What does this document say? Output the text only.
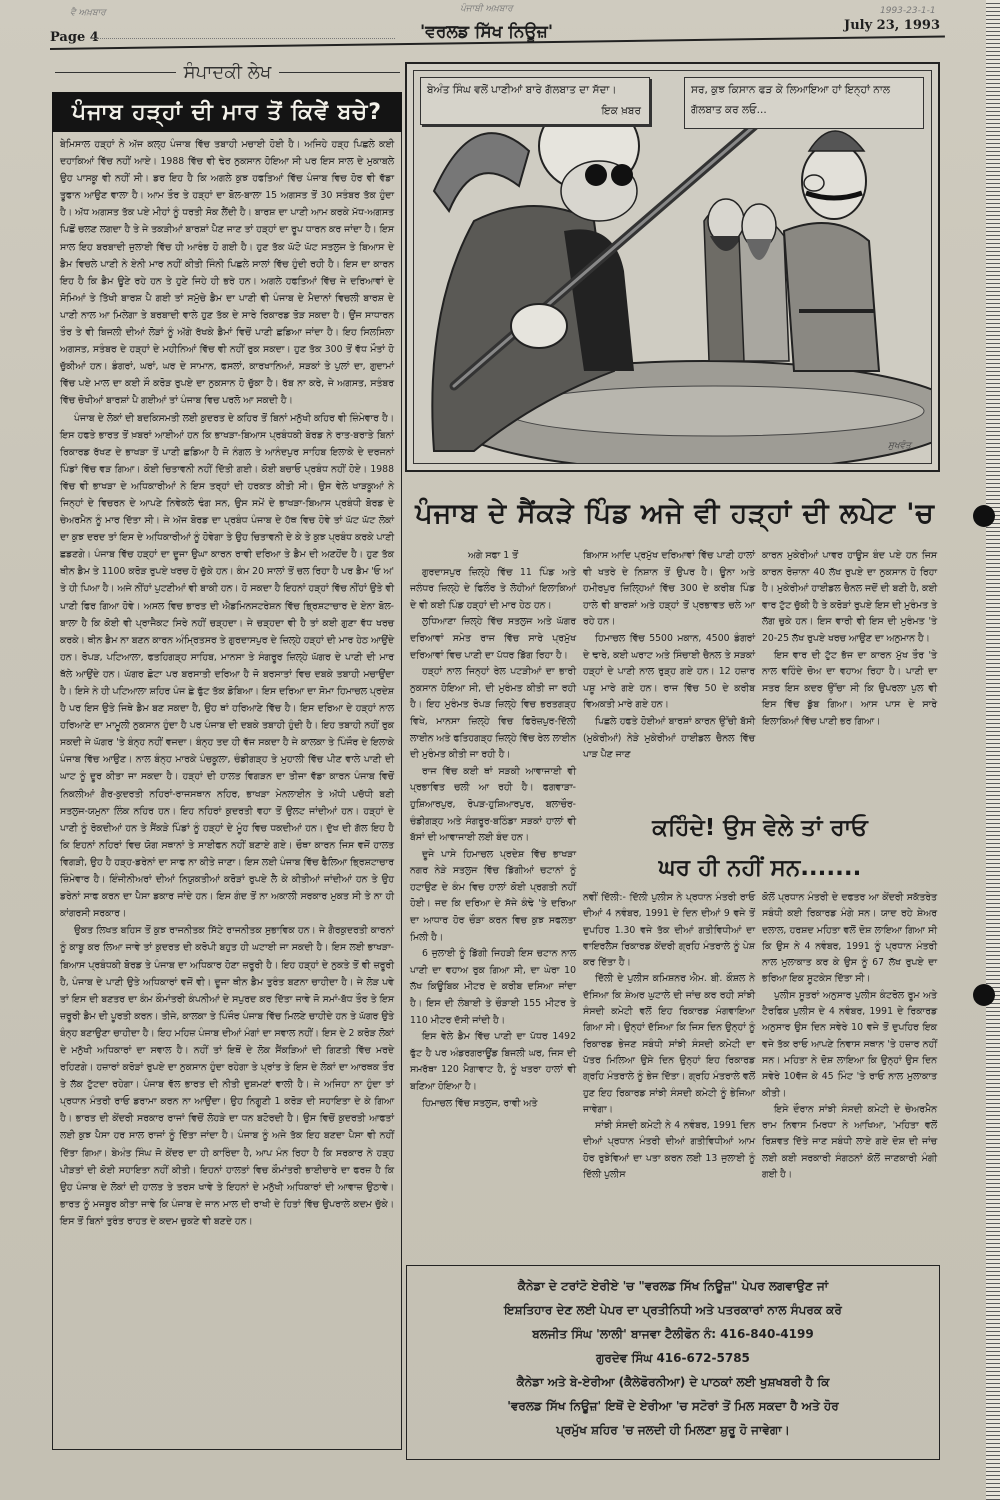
ਵੈ ਅਖ਼ਬਾਰ	ਪੰਜਾਬੀ ਅਖ਼ਬਾਰ	1993-23-1-1
Page 4	'ਵਰਲਡ ਸਿੱਖ ਨਿਊਜ਼'	July 23, 1993
ਸੰਪਾਦਕੀ ਲੇਖ
ਪੰਜਾਬ ਹੜ੍ਹਾਂ ਦੀ ਮਾਰ ਤੋਂ ਕਿਵੇਂ ਬਚੇ?

ਬੇਮਿਸਾਲ ਹੜ੍ਹਾਂ ਨੇ ਅੱਜ ਕਲ੍ਹ ਪੰਜਾਬ ਵਿੱਚ ਤਬਾਹੀ ਮਚਾਈ ਹੋਈ ਹੈ। ਅਜਿਹੇ ਹੜ੍ਹ ਪਿਛਲੇ ਕਈ ਦਹਾਕਿਆਂ ਵਿੱਚ ਨਹੀਂ ਆਏ। 1988 ਵਿੱਚ ਵੀ ਢੇਰ ਨੁਕਸਾਨ ਹੋਇਆ ਸੀ ਪਰ ਇਸ ਸਾਲ ਦੇ ਮੁਕਾਬਲੇ ਉਹ ਪਾਸਕੂ ਵੀ ਨਹੀਂ ਸੀ। ਡਰ ਇਹ ਹੈ ਕਿ ਅਗਲੇ ਕੁਝ ਹਫਤਿਆਂ ਵਿੱਚ ਪੰਜਾਬ ਵਿਚ ਹੋਰ ਵੀ ਵੱਡਾ ਤੂਫਾਨ ਆਉਣ ਵਾਲਾ ਹੈ। ਆਮ ਤੌਰ ਤੇ ਹੜ੍ਹਾਂ ਦਾ ਬੋਲ-ਬਾਲਾ 15 ਅਗਸਤ ਤੋਂ 30 ਸਤੰਬਰ ਤੱਕ ਹੁੰਦਾ ਹੈ। ਅੱਧ ਅਗਸਤ ਤੱਕ ਪਏ ਮੀਹਾਂ ਨੂੰ ਧਰਤੀ ਸੋਕ ਲੈਂਦੀ ਹੈ। ਬਾਰਸ਼ ਦਾ ਪਾਣੀ ਆਮ ਕਰਕੇ ਮੱਧ-ਅਗਸਤ ਪਿਛੋਂ ਚਲਣ ਲਗਦਾ ਹੈ ਤੇ ਜੇ ਤਕੜੀਆਂ ਬਾਰਸ਼ਾਂ ਪੈਣ ਜਾਣ ਤਾਂ ਹੜ੍ਹਾਂ ਦਾ ਰੂਪ ਧਾਰਨ ਕਰ ਜਾਂਦਾ ਹੈ। ਇਸ ਸਾਲ ਇਹ ਬਰਬਾਦੀ ਜੁਲਾਈ ਵਿੱਚ ਹੀ ਆਰੰਭ ਹੋ ਗਈ ਹੈ। ਹੁਣ ਤੱਕ ਘੱਟੋ ਘੱਟ ਸਤਲੁਜ ਤੇ ਬਿਆਸ ਦੇ ਡੈਮ ਵਿਚਲੇ ਪਾਣੀ ਨੇ ਏਨੀ ਮਾਰ ਨਹੀਂ ਕੀਤੀ ਜਿੰਨੀ ਪਿਛਲੇ ਸਾਲਾਂ ਵਿੱਚ ਹੁੰਦੀ ਰਹੀ ਹੈ। ਇਸ ਦਾ ਕਾਰਨ ਇਹ ਹੈ ਕਿ ਡੈਮ ਊਣੇ ਰਹੇ ਹਨ ਤੇ ਹੁਣੇ ਜਿਹੇ ਹੀ ਭਰੇ ਹਨ। ਅਗਲੇ ਹਫਤਿਆਂ ਵਿੱਚ ਜੇ ਦਰਿਆਵਾਂ ਦੇ ਸੋਮਿਆਂ ਤੇ ਤਿੱਖੀ ਬਾਰਸ਼ ਪੈ ਗਈ ਤਾਂ ਸਮੁੱਚੇ ਡੈਮ ਦਾ ਪਾਣੀ ਵੀ ਪੰਜਾਬ ਦੇ ਮੈਦਾਨਾਂ ਵਿਚਲੀ ਬਾਰਸ਼ ਦੇ ਪਾਣੀ ਨਾਲ ਆ ਮਿਲੇਗਾ ਤੇ ਬਰਬਾਦੀ ਵਾਲੇ ਹੁਣ ਤੱਕ ਦੇ ਸਾਰੇ ਰਿਕਾਰਡ ਤੋੜ ਸਕਦਾ ਹੈ। ਉਂਜ ਸਾਧਾਰਨ ਤੌਰ ਤੇ ਵੀ ਬਿਜਲੀ ਦੀਆਂ ਲੋੜਾਂ ਨੂੰ ਅੱਗੇ ਰੱਖਕੇ ਡੈਮਾਂ ਵਿਚੋਂ ਪਾਣੀ ਛਡਿਆ ਜਾਂਦਾ ਹੈ। ਇਹ ਸਿਲਸਿਲਾ ਅਗਸਤ, ਸਤੰਬਰ ਦੇ ਹੜ੍ਹਾਂ ਦੇ ਮਹੀਨਿਆਂ ਵਿੱਚ ਵੀ ਨਹੀਂ ਰੁਕ ਸਕਦਾ। ਹੁਣ ਤੱਕ 300 ਤੋਂ ਵੱਧ ਮੌਤਾਂ ਹੋ ਚੁੱਕੀਆਂ ਹਨ। ਡੰਗਰਾਂ, ਘਰਾਂ, ਘਰ ਦੇ ਸਾਮਾਨ, ਫਸਲਾਂ, ਕਾਰਖਾਨਿਆਂ, ਸੜਕਾਂ ਤੇ ਪੁਲਾਂ ਦਾ, ਗੁਦਾਮਾਂ ਵਿੱਚ ਪਏ ਮਾਲ ਦਾ ਕਈ ਸੌ ਕਰੋੜ ਰੁਪਏ ਦਾ ਨੁਕਸਾਨ ਹੋ ਚੁੱਕਾ ਹੈ। ਰੱਬ ਨਾ ਕਰੇ, ਜੇ ਅਗਸਤ, ਸਤੰਬਰ ਵਿੱਚ ਚੋਖੀਆਂ ਬਾਰਸ਼ਾਂ ਪੈ ਗਈਆਂ ਤਾਂ ਪੰਜਾਬ ਵਿਚ ਪਰਲੋ ਆ ਸਕਦੀ ਹੈ।

ਪੰਜਾਬ ਦੇ ਲੋਕਾਂ ਦੀ ਬਦਕਿਸਮਤੀ ਲਈ ਕੁਦਰਤ ਦੇ ਕਹਿਰ ਤੋਂ ਬਿਨਾਂ ਮਨੁੱਖੀ ਕਹਿਰ ਵੀ ਜ਼ਿੰਮੇਵਾਰ ਹੈ। ਇਸ ਹਫਤੇ ਭਾਰਤ ਤੋਂ ਖ਼ਬਰਾਂ ਆਈਆਂ ਹਨ ਕਿ ਭਾਖੜਾ-ਬਿਆਸ ਪ੍ਰਬੰਧਕੀ ਬੋਰਡ ਨੇ ਰਾਤ-ਬਰਾਤੇ ਬਿਨਾਂ ਰਿਕਾਰਡ ਰੱਖਣ ਦੇ ਭਾਖੜਾ ਤੋਂ ਪਾਣੀ ਛਡਿਆ ਹੈ ਜੋ ਨੰਗਲ ਤੇ ਆਨੰਦਪੁਰ ਸਾਹਿਬ ਇਲਾਕੇ ਦੇ ਦਰਜਨਾਂ ਪਿੰਡਾਂ ਵਿੱਚ ਵੜ ਗਿਆ। ਕੋਈ ਚਿਤਾਵਨੀ ਨਹੀਂ ਦਿੱਤੀ ਗਈ। ਕੋਈ ਬਚਾਓ ਪ੍ਰਬੰਧ ਨਹੀਂ ਹੋਏ। 1988 ਵਿੱਚ ਵੀ ਭਾਖੜਾ ਦੇ ਅਧਿਕਾਰੀਆਂ ਨੇ ਇਸ ਤਰ੍ਹਾਂ ਦੀ ਹਰਕਤ ਕੀਤੀ ਸੀ। ਉਸ ਵੇਲੇ ਖਾੜਕੂਆਂ ਨੇ ਜਿਨ੍ਹਾਂ ਦੇ ਵਿਚਰਨ ਦੇ ਆਪਣੇ ਨਿਵੇਕਲੇ ਢੰਗ ਸਨ, ਉਸ ਸਮੇਂ ਦੇ ਭਾਖੜਾ-ਬਿਆਸ ਪ੍ਰਬੰਧੀ ਬੋਰਡ ਦੇ ਚੇਅਰਮੈਨ ਨੂੰ ਮਾਰ ਦਿੱਤਾ ਸੀ। ਜੇ ਅੱਜ ਬੋਰਡ ਦਾ ਪ੍ਰਬੰਧ ਪੰਜਾਬ ਦੇ ਹੱਥ ਵਿਚ ਹੋਵੇ ਤਾਂ ਘੱਟ ਘੱਟ ਲੋਕਾਂ ਦਾ ਕੁਝ ਦਰਦ ਤਾਂ ਇਸ ਦੇ ਅਧਿਕਾਰੀਆਂ ਨੂੰ ਹੋਵੇਗਾ ਤੇ ਉਹ ਚਿਤਾਵਨੀ ਦੇ ਕੇ ਤੇ ਕੁਝ ਪ੍ਰਬੰਧ ਕਰਕੇ ਪਾਣੀ ਛਡਣਗੇ। ਪੰਜਾਬ ਵਿੱਚ ਹੜ੍ਹਾਂ ਦਾ ਦੂਜਾ ਉਘਾ ਕਾਰਨ ਰਾਵੀ ਦਰਿਆ ਤੇ ਡੈਮ ਦੀ ਅਣਹੋਂਦ ਹੈ। ਹੁਣ ਤੱਕ ਥੀਨ ਡੈਮ ਤੇ 1100 ਕਰੋੜ ਰੁਪਏ ਖਰਚ ਹੋ ਚੁੱਕੇ ਹਨ। ਕੰਮ 20 ਸਾਲਾਂ ਤੋਂ ਚਲ ਰਿਹਾ ਹੈ ਪਰ ਡੈਮ 'ਓ ਅ' ਤੇ ਹੀ ਪਿਆ ਹੈ। ਅਜੇ ਨੀਂਹਾਂ ਪੁਟਣੀਆਂ ਵੀ ਬਾਕੀ ਹਨ। ਹੋ ਸਕਦਾ ਹੈ ਇਹਨਾਂ ਹੜ੍ਹਾਂ ਵਿੱਚ ਨੀਂਹਾਂ ਉਤੇ ਵੀ ਪਾਣੀ ਫਿਰ ਗਿਆ ਹੋਵੇ। ਅਸਲ ਵਿਚ ਭਾਰਤ ਦੀ ਐਡਮਿਨਸਟਰੇਸ਼ਨ ਵਿੱਚ ਭ੍ਰਿਸ਼ਟਾਚਾਰ ਦੇ ਏਨਾ ਬੋਲ-ਬਾਲਾ ਹੈ ਕਿ ਕੋਈ ਵੀ ਪ੍ਰਾਜੈਕਟ ਸਿਰੇ ਨਹੀਂ ਚੜ੍ਹਦਾ। ਜੇ ਚੜ੍ਹਦਾ ਵੀ ਹੈ ਤਾਂ ਕਈ ਗੁਣਾ ਵੱਧ ਖਰਚ ਕਰਕੇ। ਥੀਨ ਡੈਮ ਨਾ ਬਣਨ ਕਾਰਨ ਅੰਮ੍ਰਿਤਸਰ ਤੇ ਗੁਰਦਾਸਪੁਰ ਦੇ ਜ਼ਿਲ੍ਹੇ ਹੜ੍ਹਾਂ ਦੀ ਮਾਰ ਹੇਠ ਆਉਂਦੇ ਹਨ। ਰੋਪੜ, ਪਟਿਆਲਾ, ਫਤਹਿਗੜ੍ਹ ਸਾਹਿਬ, ਮਾਨਸਾ ਤੇ ਸੰਗਰੂਰ ਜ਼ਿਲ੍ਹੇ ਘੱਗਰ ਦੇ ਪਾਣੀ ਦੀ ਮਾਰ ਥੱਲੇ ਆਉਂਦੇ ਹਨ। ਘੱਗਰ ਛੋਟਾ ਪਰ ਬਰਸਾਤੀ ਦਰਿਆ ਹੈ ਜੋ ਬਰਸਾਤਾਂ ਵਿਚ ਦਬਕੇ ਤਬਾਹੀ ਮਚਾਉਂਦਾ ਹੈ। ਇਸੇ ਨੇ ਹੀ ਪਟਿਆਲਾ ਸ਼ਹਿਰ ਪੰਜ ਛੇ ਫੁੱਟ ਤੱਕ ਡੋਬਿਆ। ਇਸ ਦਰਿਆ ਦਾ ਸੋਮਾ ਹਿਮਾਚਲ ਪ੍ਰਦੇਸ਼ ਹੈ ਪਰ ਇਸ ਉਤੇ ਜਿਥੇ ਡੈਮ ਬਣ ਸਕਦਾ ਹੈ, ਉਹ ਥਾਂ ਹਰਿਆਣੇ ਵਿੱਚ ਹੈ। ਇਸ ਦਰਿਆ ਦੇ ਹੜ੍ਹਾਂ ਨਾਲ ਹਰਿਆਣੇ ਦਾ ਮਾਮੂਲੀ ਨੁਕਸਾਨ ਹੁੰਦਾ ਹੈ ਪਰ ਪੰਜਾਬ ਦੀ ਦਬਕੇ ਤਬਾਹੀ ਹੁੰਦੀ ਹੈ। ਇਹ ਤਬਾਹੀ ਨਹੀਂ ਰੁਕ ਸਕਦੀ ਜੇ ਘੱਗਰ 'ਤੇ ਬੰਨ੍ਹ ਨਹੀਂ ਵਜਦਾ। ਬੰਨ੍ਹ ਤਦ ਹੀ ਵੱਜ ਸਕਦਾ ਹੈ ਜੇ ਕਾਲਕਾ ਤੇ ਪਿੰਜੌਰ ਦੇ ਇਲਾਕੇ ਪੰਜਾਬ ਵਿੱਚ ਆਉਣ। ਨਾਲ ਬੰਨ੍ਹ ਮਾਰਕੇ ਪੰਚਕੂਲਾ, ਚੰਡੀਗੜ੍ਹ ਤੇ ਮੁਹਾਲੀ ਵਿੱਚ ਪੀਣ ਵਾਲੇ ਪਾਣੀ ਦੀ ਘਾਟ ਨੂੰ ਦੂਰ ਕੀਤਾ ਜਾ ਸਕਦਾ ਹੈ। ਹੜ੍ਹਾਂ ਦੀ ਹਾਲਤ ਵਿਗੜਨ ਦਾ ਤੀਜਾ ਵੱਡਾ ਕਾਰਨ ਪੰਜਾਬ ਵਿਚੋਂ ਨਿਕਲੀਆਂ ਗੈਰ-ਕੁਦਰਤੀ ਨਹਿਰਾਂ-ਰਾਜਸਥਾਨ ਨਹਿਰ, ਭਾਖੜਾ ਮੇਨਲਾਈਨ ਤੇ ਅੱਧੀ ਪਚੱਧੀ ਬਣੀ ਸਤਲੁਜ-ਯਮੁਨਾ ਲਿੰਕ ਨਹਿਰ ਹਨ। ਇਹ ਨਹਿਰਾਂ ਕੁਦਰਤੀ ਵਹਾ ਤੋਂ ਉਲਟ ਜਾਂਦੀਆਂ ਹਨ। ਹੜ੍ਹਾਂ ਦੇ ਪਾਣੀ ਨੂੰ ਰੋਕਦੀਆਂ ਹਨ ਤੇ ਸੈਂਕੜੇ ਪਿੰਡਾਂ ਨੂੰ ਹੜ੍ਹਾਂ ਦੇ ਮੂੰਹ ਵਿਚ ਧਕਦੀਆਂ ਹਨ। ਦੁੱਖ ਦੀ ਗੱਲ ਇਹ ਹੈ ਕਿ ਇਹਨਾਂ ਨਹਿਰਾਂ ਵਿਚ ਯੋਗ ਸਥਾਨਾਂ ਤੇ ਸਾਈਫਨ ਨਹੀਂ ਬਣਾਏ ਗਏ। ਚੌਥਾ ਕਾਰਨ ਜਿਸ ਵਜੋਂ ਹਾਲਤ ਵਿਗੜੀ, ਉਹ ਹੈ ਹੜ੍ਹ-ਡਰੇਨਾਂ ਦਾ ਸਾਫ ਨਾ ਕੀਤੇ ਜਾਣਾ। ਇਸ ਲਈ ਪੰਜਾਬ ਵਿੱਚ ਫੈਲਿਆ ਭ੍ਰਿਸ਼ਟਾਚਾਰ ਜ਼ਿੰਮੇਵਾਰ ਹੈ। ਇੰਜੀਨੀਅਰਾਂ ਦੀਆਂ ਨਿਯੁਕਤੀਆਂ ਕਰੋੜਾਂ ਰੁਪਏ ਲੈ ਕੇ ਕੀਤੀਆਂ ਜਾਂਦੀਆਂ ਹਨ ਤੇ ਉਹ ਡਰੇਨਾਂ ਸਾਫ ਕਰਨ ਦਾ ਪੈਸਾ ਡਕਾਰ ਜਾਂਦੇ ਹਨ। ਇਸ ਗੰਦ ਤੋਂ ਨਾ ਅਕਾਲੀ ਸਰਕਾਰ ਮੁਕਤ ਸੀ ਤੇ ਨਾ ਹੀ ਕਾਂਗਰਸੀ ਸਰਕਾਰ।

ਉਕਤ ਲਿਖਤ ਬਹਿਸ ਤੋਂ ਕੁਝ ਰਾਜਨੀਤਕ ਸਿੱਟੇ ਰਾਜਨੀਤਕ ਸੁਭਾਵਿਕ ਹਨ। ਜੇ ਗੈਰਕੁਦਰਤੀ ਕਾਰਨਾਂ ਨੂੰ ਕਾਬੂ ਕਰ ਲਿਆ ਜਾਵੇ ਤਾਂ ਕੁਦਰਤ ਦੀ ਕਰੋਪੀ ਬਹੁਤ ਹੀ ਘਟਾਈ ਜਾ ਸਕਦੀ ਹੈ। ਇਸ ਲਈ ਭਾਖੜਾ-ਬਿਆਸ ਪ੍ਰਬੰਧਕੀ ਬੋਰਡ ਤੇ ਪੰਜਾਬ ਦਾ ਅਧਿਕਾਰ ਹੋਣਾ ਜ਼ਰੂਰੀ ਹੈ। ਇਹ ਹੜ੍ਹਾਂ ਦੇ ਨੁਕਤੇ ਤੋਂ ਵੀ ਜ਼ਰੂਰੀ ਹੈ, ਪੰਜਾਬ ਦੇ ਪਾਣੀ ਉਤੇ ਅਧਿਕਾਰਾਂ ਵਜੋਂ ਵੀ। ਦੂਜਾ ਥੀਨ ਡੈਮ ਤੁਰੰਤ ਬਣਨਾ ਚਾਹੀਦਾ ਹੈ। ਜੇ ਲੋੜ ਪਵੇ ਤਾਂ ਇਸ ਦੀ ਬਣਤਰ ਦਾ ਕੰਮ ਕੌਮਾਂਤਰੀ ਕੰਪਨੀਆਂ ਦੇ ਸਪੁਰਦ ਕਰ ਦਿੱਤਾ ਜਾਵੇ ਜੋ ਸਮਾਂ-ਬੱਧ ਤੌਰ ਤੇ ਇਸ ਜ਼ਰੂਰੀ ਡੈਮ ਦੀ ਪੂਰਤੀ ਕਰਨ। ਤੀਜੇ, ਕਾਲਕਾ ਤੇ ਪਿੰਜੌਰ ਪੰਜਾਬ ਵਿੱਚ ਮਿਲਣੇ ਚਾਹੀਦੇ ਹਨ ਤੇ ਘੱਗਰ ਉਤੇ ਬੰਨ੍ਹ ਬਣਾਉਣਾ ਚਾਹੀਦਾ ਹੈ। ਇਹ ਮਹਿਜ਼ ਪੰਜਾਬ ਦੀਆਂ ਮੰਗਾਂ ਦਾ ਸਵਾਲ ਨਹੀਂ। ਇਸ ਦੇ 2 ਕਰੋੜ ਲੋਕਾਂ ਦੇ ਮਨੁੱਖੀ ਅਧਿਕਾਰਾਂ ਦਾ ਸਵਾਲ ਹੈ। ਨਹੀਂ ਤਾਂ ਇਥੋਂ ਦੇ ਲੋਕ ਸੈਂਕੜਿਆਂ ਦੀ ਗਿਣਤੀ ਵਿੱਚ ਮਰਦੇ ਰਹਿਣਗੇ। ਹਜ਼ਾਰਾਂ ਕਰੋੜਾਂ ਰੁਪਏ ਦਾ ਨੁਕਸਾਨ ਹੁੰਦਾ ਰਹੇਗਾ ਤੇ ਪ੍ਰਾਂਤ ਤੇ ਇਸ ਦੇ ਲੋਕਾਂ ਦਾ ਆਰਥਕ ਤੌਰ ਤੇ ਲੱਕ ਟੁੱਟਦਾ ਰਹੇਗਾ। ਪੰਜਾਬ ਵੱਲ ਭਾਰਤ ਦੀ ਨੀਤੀ ਦੁਸ਼ਮਣਾਂ ਵਾਲੀ ਹੈ। ਜੇ ਅਜਿਹਾ ਨਾ ਹੁੰਦਾ ਤਾਂ ਪ੍ਰਧਾਨ ਮੰਤਰੀ ਰਾਓ ਡਰਾਮਾ ਕਰਨ ਨਾ ਆਉਂਦਾ। ਉਹ ਨਿਗੂਣੀ 1 ਕਰੋੜ ਦੀ ਸਹਾਇਤਾ ਦੇ ਕੇ ਗਿਆ ਹੈ। ਭਾਰਤ ਦੀ ਕੇਂਦਰੀ ਸਰਕਾਰ ਰਾਜਾਂ ਵਿਚੋਂ ਲੋਹੜੇ ਦਾ ਧਨ ਬਟੋਰਦੀ ਹੈ। ਉਸ ਵਿਚੋਂ ਕੁਦਰਤੀ ਆਫਤਾਂ ਲਈ ਕੁਝ ਪੈਸਾ ਹਰ ਸਾਲ ਰਾਜਾਂ ਨੂੰ ਦਿੱਤਾ ਜਾਂਦਾ ਹੈ। ਪੰਜਾਬ ਨੂੰ ਅਜੇ ਤੱਕ ਇਹ ਬਣਦਾ ਪੈਸਾ ਵੀ ਨਹੀਂ ਦਿੱਤਾ ਗਿਆ। ਬੇਅੰਤ ਸਿੰਘ ਜੋ ਕੇਂਦਰ ਦਾ ਹੀ ਕਾਰਿੰਦਾ ਹੈ, ਆਪ ਮੰਨ ਰਿਹਾ ਹੈ ਕਿ ਸਰਕਾਰ ਨੇ ਹੜ੍ਹ ਪੀੜਤਾਂ ਦੀ ਕੋਈ ਸਹਾਇਤਾ ਨਹੀਂ ਕੀਤੀ। ਇਹਨਾਂ ਹਾਲਤਾਂ ਵਿਚ ਕੌਮਾਂਤਰੀ ਭਾਈਚਾਰੇ ਦਾ ਫਰਜ਼ ਹੈ ਕਿ ਉਹ ਪੰਜਾਬ ਦੇ ਲੋਕਾਂ ਦੀ ਹਾਲਤ ਤੇ ਤਰਸ ਖਾਵੇ ਤੇ ਇਹਨਾਂ ਦੇ ਮਨੁੱਖੀ ਅਧਿਕਾਰਾਂ ਦੀ ਆਵਾਜ਼ ਉਠਾਵੇ। ਭਾਰਤ ਨੂੰ ਮਜਬੂਰ ਕੀਤਾ ਜਾਵੇ ਕਿ ਪੰਜਾਬ ਦੇ ਜਾਨ ਮਾਲ ਦੀ ਰਾਖੀ ਦੇ ਹਿਤਾਂ ਵਿੱਚ ਉਪਰਾਲੇ ਕਦਮ ਚੁੱਕੇ। ਇਸ ਤੋਂ ਬਿਨਾਂ ਤੁਰੰਤ ਰਾਹਤ ਦੇ ਕਦਮ ਚੁਕਣੇ ਵੀ ਬਣਦੇ ਹਨ।

ਬੇਅੰਤ ਸਿੰਘ ਵਲੋਂ ਪਾਣੀਆਂ ਬਾਰੇ ਗੱਲਬਾਤ ਦਾ ਸੱਦਾ।
ਇਕ ਖ਼ਬਰ
ਸਰ, ਕੁਝ ਕਿਸਾਨ ਫੜ ਕੇ ਲਿਆਇਆ ਹਾਂ ਇਨ੍ਹਾਂ ਨਾਲ ਗੱਲਬਾਤ ਕਰ ਲਓ...
ਸੁਖਵੰਤ
ਪੰਜਾਬ ਦੇ ਸੈਂਕੜੇ ਪਿੰਡ ਅਜੇ ਵੀ ਹੜ੍ਹਾਂ ਦੀ ਲਪੇਟ 'ਚ

ਅਗੇ ਸਫਾ 1 ਤੋਂ

ਗੁਰਦਾਸਪੁਰ ਜ਼ਿਲ੍ਹੇ ਵਿੱਚ 11 ਪਿੰਡ ਅਤੇ ਜਲੰਧਰ ਜ਼ਿਲ੍ਹੇ ਦੇ ਫਿਲੌਰ ਤੇ ਲੋਹੀਆਂ ਇਲਾਕਿਆਂ ਦੇ ਵੀ ਕਈ ਪਿੰਡ ਹੜ੍ਹਾਂ ਦੀ ਮਾਰ ਹੇਠ ਹਨ।

ਲੁਧਿਆਣਾ ਜ਼ਿਲ੍ਹੇ ਵਿੱਚ ਸਤਲੁਜ ਅਤੇ ਘੱਗਰ ਦਰਿਆਵਾਂ ਸਮੇਤ ਰਾਜ ਵਿੱਚ ਸਾਰੇ ਪ੍ਰਮੁੱਖ ਦਰਿਆਵਾਂ ਵਿਚ ਪਾਣੀ ਦਾ ਪੱਧਰ ਡਿੱਗ ਰਿਹਾ ਹੈ।

ਹੜ੍ਹਾਂ ਨਾਲ ਜਿਨ੍ਹਾਂ ਰੇਲ ਪਟੜੀਆਂ ਦਾ ਭਾਰੀ ਨੁਕਸਾਨ ਹੋਇਆ ਸੀ, ਦੀ ਮੁਰੰਮਤ ਕੀਤੀ ਜਾ ਰਹੀ ਹੈ। ਇਹ ਮੁਰੰਮਤ ਰੋਪੜ ਜ਼ਿਲ੍ਹੇ ਵਿਚ ਭਰਤਗੜ੍ਹ ਵਿਖੇ, ਮਾਨਸਾ ਜ਼ਿਲ੍ਹੇ ਵਿਚ ਫਿਰੋਜ਼ਪੁਰ-ਦਿੱਲੀ ਲਾਈਨ ਅਤੇ ਫਤਿਹਗੜ੍ਹ ਜ਼ਿਲ੍ਹੇ ਵਿੱਚ ਰੇਲ ਲਾਈਨ ਦੀ ਮੁਰੰਮਤ ਕੀਤੀ ਜਾ ਰਹੀ ਹੈ।

ਰਾਜ ਵਿੱਚ ਕਈ ਥਾਂ ਸੜਕੀ ਆਵਾਜਾਈ ਵੀ ਪ੍ਰਭਾਵਿਤ ਚਲੀ ਆ ਰਹੀ ਹੈ। ਫਗਵਾੜਾ-ਹੁਸ਼ਿਆਰਪੁਰ, ਰੋਪੜ-ਹੁਸ਼ਿਆਰਪੁਰ, ਬਲਾਚੌਰ-ਚੰਡੀਗੜ੍ਹ ਅਤੇ ਸੰਗਰੂਰ-ਬਠਿੰਡਾ ਸੜਕਾਂ ਹਾਲਾਂ ਵੀ ਬੱਸਾਂ ਦੀ ਆਵਾਜਾਈ ਲਈ ਬੰਦ ਹਨ।

ਦੂਜੇ ਪਾਸੇ ਹਿਮਾਚਲ ਪ੍ਰਦੇਸ਼ ਵਿੱਚ ਭਾਖੜਾ ਨਗਰ ਨੇੜੇ ਸਤਲੁਜ ਵਿੱਚ ਡਿੱਗੀਆਂ ਚਟਾਨਾਂ ਨੂੰ ਹਟਾਉਣ ਦੇ ਕੰਮ ਵਿਚ ਹਾਲਾਂ ਕੋਈ ਪ੍ਰਗਤੀ ਨਹੀਂ ਹੋਈ। ਜਦ ਕਿ ਦਰਿਆ ਦੇ ਸੱਜੇ ਕੰਢੇ 'ਤੇ ਦਰਿਆ ਦਾ ਆਧਾਰ ਹੋਰ ਚੌੜਾ ਕਰਨ ਵਿਚ ਕੁਝ ਸਫਲਤਾ ਮਿਲੀ ਹੈ।

6 ਜੁਲਾਈ ਨੂੰ ਡਿੱਗੀ ਜਿਹੜੀ ਇਸ ਚਟਾਨ ਨਾਲ ਪਾਣੀ ਦਾ ਵਹਾਅ ਰੁਕ ਗਿਆ ਸੀ, ਦਾ ਘੇਰਾ 10 ਲੱਖ ਕਿਊਬਿਕ ਮੀਟਰ ਦੇ ਕਰੀਬ ਦਸਿਆ ਜਾਂਦਾ ਹੈ। ਇਸ ਦੀ ਲੰਬਾਈ ਤੇ ਚੌੜਾਈ 155 ਮੀਟਰ ਤੇ 110 ਮੀਟਰ ਦੱਸੀ ਜਾਂਦੀ ਹੈ।

ਇਸ ਵੇਲੇ ਡੈਮ ਵਿੱਚ ਪਾਣੀ ਦਾ ਪੱਧਰ 1492 ਫੁੱਟ ਹੈ ਪਰ ਅੰਡਰਗਰਾਊਂਡ ਬਿਜਲੀ ਘਰ, ਜਿਸ ਦੀ ਸਮਰੱਥਾ 120 ਮੈਗਾਵਾਟ ਹੈ, ਨੂੰ ਖਤਰਾ ਹਾਲਾਂ ਵੀ ਬਣਿਆ ਹੋਇਆ ਹੈ।

ਹਿਮਾਚਲ ਵਿੱਚ ਸਤਲੁਜ, ਰਾਵੀ ਅਤੇ

ਬਿਆਸ ਆਦਿ ਪ੍ਰਮੁੱਖ ਦਰਿਆਵਾਂ ਵਿੱਚ ਪਾਣੀ ਹਾਲਾਂ ਵੀ ਖਤਰੇ ਦੇ ਨਿਸ਼ਾਨ ਤੋਂ ਉਪਰ ਹੈ। ਊਨਾ ਅਤੇ ਹਮੀਰਪੁਰ ਜ਼ਿਲ੍ਹਿਆਂ ਵਿੱਚ 300 ਦੇ ਕਰੀਬ ਪਿੰਡ ਹਾਲੇ ਵੀ ਬਾਰਸ਼ਾਂ ਅਤੇ ਹੜ੍ਹਾਂ ਤੋਂ ਪ੍ਰਭਾਵਤ ਚਲੇ ਆ ਰਹੇ ਹਨ।

ਹਿਮਾਚਲ ਵਿੱਚ 5500 ਮਕਾਨ, 4500 ਡੰਗਰਾਂ ਦੇ ਢਾਰੇ, ਕਈ ਘਰਾਟ ਅਤੇ ਸਿੰਚਾਈ ਚੈਨਲ ਤੇ ਸੜਕਾਂ ਹੜ੍ਹਾਂ ਦੇ ਪਾਣੀ ਨਾਲ ਰੁੜ੍ਹ ਗਏ ਹਨ। 12 ਹਜ਼ਾਰ ਪਸ਼ੂ ਮਾਰੇ ਗਏ ਹਨ। ਰਾਜ ਵਿੱਚ 50 ਦੇ ਕਰੀਬ ਵਿਅਕਤੀ ਮਾਰੇ ਗਏ ਹਨ।

ਪਿਛਲੇ ਹਫਤੇ ਹੋਈਆਂ ਬਾਰਸ਼ਾਂ ਕਾਰਨ ਉੱਚੀ ਬੱਸੀ (ਮੁਕੇਰੀਆਂ) ਨੇੜੇ ਮੁਕੇਰੀਆਂ ਹਾਈਡਲ ਚੈਨਲ ਵਿੱਚ ਪਾੜ ਪੈਣ ਜਾਣ

ਕਾਰਨ ਮੁਕੇਰੀਆਂ ਪਾਵਰ ਹਾਊਸ ਬੰਦ ਪਏ ਹਨ ਜਿਸ ਕਾਰਨ ਰੋਜ਼ਾਨਾ 40 ਲੱਖ ਰੁਪਏ ਦਾ ਨੁਕਸਾਨ ਹੋ ਰਿਹਾ ਹੈ। ਮੁਕੇਰੀਆਂ ਹਾਈਡਲ ਚੈਨਲ ਜਦੋਂ ਦੀ ਬਣੀ ਹੈ, ਕਈ ਵਾਰ ਟੁੱਟ ਚੁੱਕੀ ਹੈ ਤੇ ਕਰੋੜਾਂ ਰੁਪਏ ਇਸ ਦੀ ਮੁਰੰਮਤ ਤੇ ਲੱਗ ਚੁਕੇ ਹਨ। ਇਸ ਵਾਰੀ ਵੀ ਇਸ ਦੀ ਮੁਰੰਮਤ 'ਤੇ 20-25 ਲੱਖ ਰੁਪਏ ਖਰਚ ਆਉਣ ਦਾ ਅਨੁਮਾਨ ਹੈ।

ਇਸ ਵਾਰ ਦੀ ਟੁੱਟ ਭੱਜ ਦਾ ਕਾਰਨ ਮੁੱਖ ਤੌਰ 'ਤੇ ਨਾਲ ਵਹਿੰਦੇ ਚੋਅ ਦਾ ਵਹਾਅ ਰਿਹਾ ਹੈ। ਪਾਣੀ ਦਾ ਸਤਰ ਇਸ ਕਦਰ ਉੱਚਾ ਸੀ ਕਿ ਉਪਰਲਾ ਪੁਲ ਵੀ ਇਸ ਵਿੱਚ ਡੁੱਬ ਗਿਆ। ਆਸ ਪਾਸ ਦੇ ਸਾਰੇ ਇਲਾਕਿਆਂ ਵਿੱਚ ਪਾਣੀ ਭਰ ਗਿਆ।

ਕਹਿੰਦੇ! ਉਸ ਵੇਲੇ ਤਾਂ ਰਾਓ
ਘਰ ਹੀ ਨਹੀਂ ਸਨ.......

ਨਵੀਂ ਦਿੱਲੀ:- ਦਿੱਲੀ ਪੁਲੀਸ ਨੇ ਪ੍ਰਧਾਨ ਮੰਤਰੀ ਰਾਓ ਦੀਆਂ 4 ਨਵੰਬਰ, 1991 ਦੇ ਦਿਨ ਦੀਆਂ 9 ਵਜੇ ਤੋਂ ਦੁਪਹਿਰ 1.30 ਵਜੇ ਤੱਕ ਦੀਆਂ ਗਤੀਵਿਧੀਆਂ ਦਾ ਵਾਇਰਲੈਸ ਰਿਕਾਰਡ ਕੇਂਦਰੀ ਗ੍ਰਹਿ ਮੰਤਰਾਲੇ ਨੂੰ ਪੇਸ਼ ਕਰ ਦਿੱਤਾ ਹੈ।

ਦਿੱਲੀ ਦੇ ਪੁਲੀਸ ਕਮਿਸ਼ਨਰ ਐਮ. ਬੀ. ਕੌਸ਼ਲ ਨੇ ਦੱਸਿਆ ਕਿ ਸ਼ੇਅਰ ਘੁਟਾਲੇ ਦੀ ਜਾਂਚ ਕਰ ਰਹੀ ਸਾਂਝੀ ਸੰਸਦੀ ਕਮੇਟੀ ਵਲੋਂ ਇਹ ਰਿਕਾਰਡ ਮੰਗਵਾਇਆ ਗਿਆ ਸੀ। ਉਨ੍ਹਾਂ ਦੱਸਿਆ ਕਿ ਜਿਸ ਦਿਨ ਉਨ੍ਹਾਂ ਨੂੰ ਰਿਕਾਰਡ ਭੇਜਣ ਸਬੰਧੀ ਸਾਂਝੀ ਸੰਸਦੀ ਕਮੇਟੀ ਦਾ ਪੱਤਰ ਮਿਲਿਆ ਉਸੇ ਦਿਨ ਉਨ੍ਹਾਂ ਇਹ ਰਿਕਾਰਡ ਗ੍ਰਹਿ ਮੰਤਰਾਲੇ ਨੂੰ ਭੇਜ ਦਿੱਤਾ। ਗ੍ਰਹਿ ਮੰਤਰਾਲੇ ਵਲੋਂ ਹੁਣ ਇਹ ਰਿਕਾਰਡ ਸਾਂਝੀ ਸੰਸਦੀ ਕਮੇਟੀ ਨੂੰ ਭੇਜਿਆ ਜਾਵੇਗਾ।

ਸਾਂਝੀ ਸੰਸਦੀ ਕਮੇਟੀ ਨੇ 4 ਨਵੰਬਰ, 1991 ਦਿਨ ਦੀਆਂ ਪ੍ਰਧਾਨ ਮੰਤਰੀ ਦੀਆਂ ਗਤੀਵਿਧੀਆਂ ਆਮ ਹੋਰ ਰੁਝੇਵਿਆਂ ਦਾ ਪਤਾ ਕਰਨ ਲਈ 13 ਜੁਲਾਈ ਨੂੰ ਦਿੱਲੀ ਪੁਲੀਸ

ਕੋਲੋਂ ਪ੍ਰਧਾਨ ਮੰਤਰੀ ਦੇ ਦਫਤਰ ਆ ਕੇਂਦਰੀ ਸਕੱਤਰੇਤ ਸਬੰਧੀ ਕਈ ਰਿਕਾਰਡ ਮੰਗੇ ਸਨ। ਯਾਦ ਰਹੇ ਸ਼ੇਅਰ ਦਲਾਲ, ਹਰਸ਼ਦ ਮਹਿਤਾ ਵਲੋਂ ਦੋਸ਼ ਲਾਇਆ ਗਿਆ ਸੀ ਕਿ ਉਸ ਨੇ 4 ਨਵੰਬਰ, 1991 ਨੂੰ ਪ੍ਰਧਾਨ ਮੰਤਰੀ ਨਾਲ ਮੁਲਾਕਾਤ ਕਰ ਕੇ ਉਸ ਨੂੰ 67 ਲੱਖ ਰੁਪਏ ਦਾ ਭਰਿਆ ਇਕ ਸੂਟਕੇਸ ਦਿੱਤਾ ਸੀ।

ਪੁਲੀਸ ਸੂਤਰਾਂ ਅਨੁਸਾਰ ਪੁਲੀਸ ਕੰਟਰੋਲ ਰੂਮ ਅਤੇ ਟੈਰਫਿਕ ਪੁਲੀਸ ਦੇ 4 ਨਵੰਬਰ, 1991 ਦੇ ਰਿਕਾਰਡ ਅਨੁਸਾਰ ਉਸ ਦਿਨ ਸਵੇਰੇ 10 ਵਜੇ ਤੋਂ ਦੁਪਹਿਰ ਇਕ ਵਜੇ ਤੱਕ ਰਾਓ ਆਪਣੇ ਨਿਵਾਸ ਸਥਾਨ 'ਤੇ ਹਜ਼ਾਰ ਨਹੀਂ ਸਨ। ਮਹਿਤਾ ਨੇ ਦੋਸ਼ ਲਾਇਆ ਕਿ ਉਨ੍ਹਾਂ ਉਸ ਦਿਨ ਸਵੇਰੇ 10ਵੱਜ ਕੇ 45 ਮਿੰਟ 'ਤੇ ਰਾਓ ਨਾਲ ਮੁਲਾਕਾਤ ਕੀਤੀ।

ਇਸੇ ਦੌਰਾਨ ਸਾਂਝੀ ਸੰਸਦੀ ਕਮੇਟੀ ਦੇ ਚੇਅਰਮੈਨ ਰਾਮ ਨਿਵਾਸ ਮਿਰਧਾ ਨੇ ਆਖਿਆ, 'ਮਹਿਤਾ ਵਲੋਂ ਰਿਸ਼ਵਤ ਦਿੱਤੇ ਜਾਣ ਸਬੰਧੀ ਲਾਏ ਗਏ ਦੋਸ਼ ਦੀ ਜਾਂਚ ਲਈ ਕਈ ਸਰਕਾਰੀ ਸੰਗਠਨਾਂ ਕੋਲੋਂ ਜਾਣਕਾਰੀ ਮੰਗੀ ਗਈ ਹੈ।

ਕੈਨੇਡਾ ਦੇ ਟਰਾਂਟੋ ਏਰੀਏ 'ਚ "ਵਰਲਡ ਸਿੱਖ ਨਿਊਜ਼" ਪੇਪਰ ਲਗਵਾਉਣ ਜਾਂ
ਇਸ਼ਤਿਹਾਰ ਦੇਣ ਲਈ ਪੇਪਰ ਦਾ ਪ੍ਰਤੀਨਿਧੀ ਅਤੇ ਪਤਰਕਾਰਾਂ ਨਾਲ ਸੰਪਰਕ ਕਰੋ
ਬਲਜੀਤ ਸਿੰਘ 'ਲਾਲੀ' ਬਾਜਵਾ ਟੈਲੀਫੋਨ ਨੰ: 416-840-4199
ਗੁਰਦੇਵ ਸਿੰਘ 416-672-5785
ਕੈਨੇਡਾ ਅਤੇ ਬੇ-ਏਰੀਆ (ਕੈਲੇਫੋਰਨੀਆ) ਦੇ ਪਾਠਕਾਂ ਲਈ ਖੁਸ਼ਖਬਰੀ ਹੈ ਕਿ
'ਵਰਲਡ ਸਿੱਖ ਨਿਊਜ਼' ਇਥੋਂ ਦੇ ਏਰੀਆ 'ਚ ਸਟੋਰਾਂ ਤੋਂ ਮਿਲ ਸਕਦਾ ਹੈ ਅਤੇ ਹੋਰ
ਪ੍ਰਮੁੱਖ ਸ਼ਹਿਰ 'ਚ ਜਲਦੀ ਹੀ ਮਿਲਣਾ ਸ਼ੁਰੂ ਹੋ ਜਾਵੇਗਾ।
